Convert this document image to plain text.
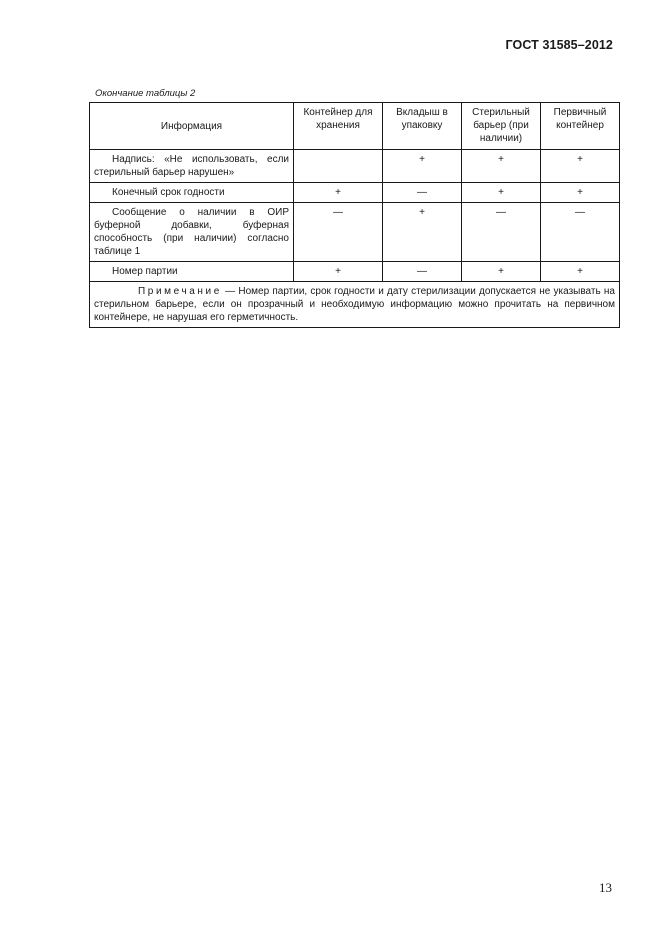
ГОСТ 31585–2012
Окончание таблицы 2
Информация	Контейнер для хранения	Вкладыш в упаковку	Стерильный барьер (при наличии)	Первичный контейнер
Надпись: «Не использовать, если стерильный барьер нарушен»		+	+	+
Конечный срок годности	+	—	+	+
Сообщение о наличии в ОИР буферной добавки, буферная способность (при наличии) согласно таблице 1	—	+	—	—
Номер партии	+	—	+	+
Примечание — Номер партии, срок годности и дату стерилизации допускается не указывать на стерильном барьере, если он прозрачный и необходимую информацию можно прочитать на первичном контейнере, не нарушая его герметичность.				
13
